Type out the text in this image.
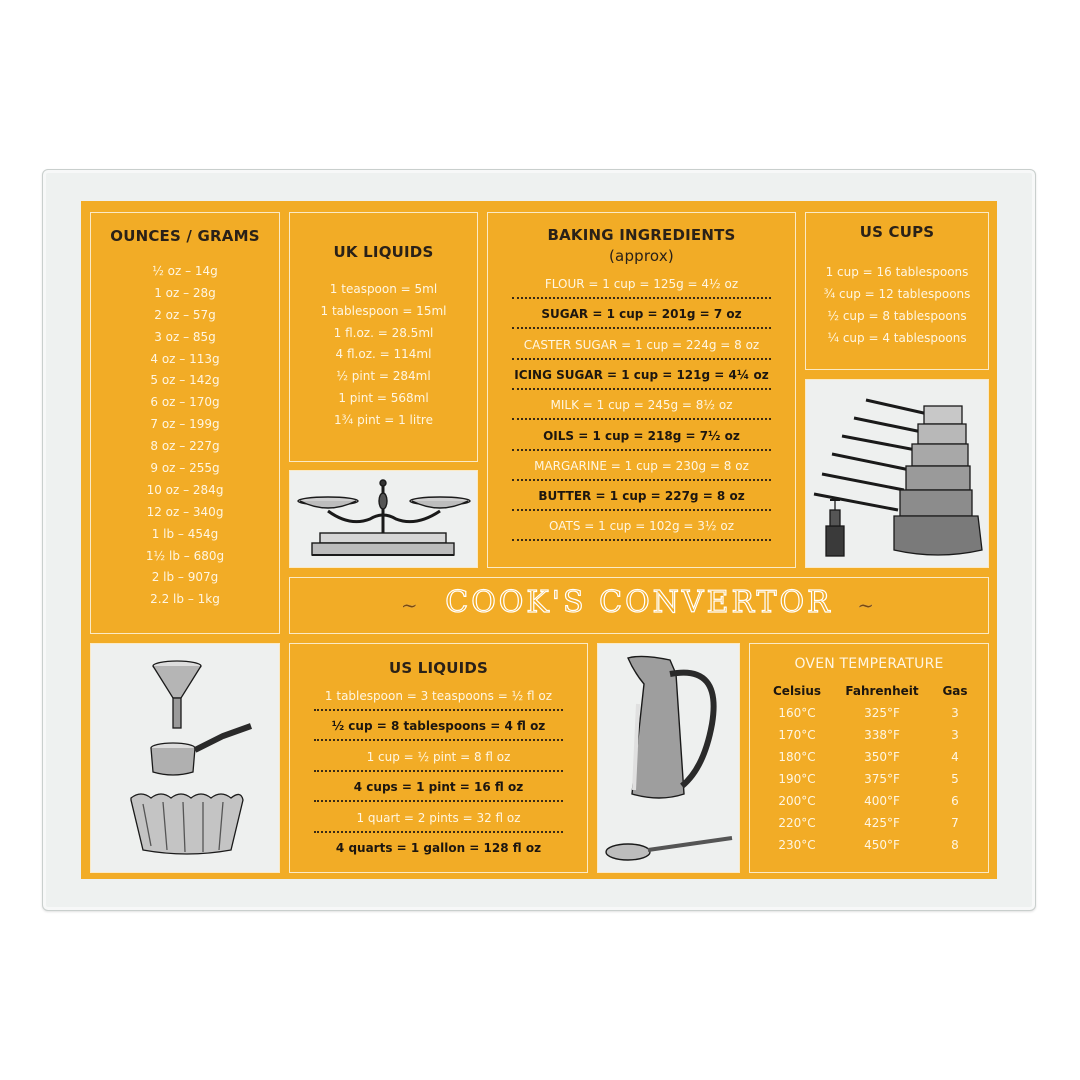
OUNCES / GRAMS
½ oz – 14g
1 oz – 28g
2 oz – 57g
3 oz – 85g
4 oz – 113g
5 oz – 142g
6 oz – 170g
7 oz – 199g
8 oz – 227g
9 oz – 255g
10 oz – 284g
12 oz – 340g
1 lb – 454g
1½ lb – 680g
2 lb – 907g
2.2 lb – 1kg
UK LIQUIDS
1 teaspoon = 5ml
1 tablespoon = 15ml
1 fl.oz. = 28.5ml
4 fl.oz. = 114ml
½ pint = 284ml
1 pint = 568ml
1¾ pint = 1 litre
BAKING INGREDIENTS
(approx)
FLOUR = 1 cup = 125g = 4½ oz
SUGAR = 1 cup = 201g = 7 oz
CASTER SUGAR = 1 cup = 224g = 8 oz
ICING SUGAR = 1 cup = 121g = 4¼ oz
MILK = 1 cup = 245g = 8½ oz
OILS = 1 cup = 218g = 7½ oz
MARGARINE = 1 cup = 230g = 8 oz
BUTTER = 1 cup = 227g = 8 oz
OATS = 1 cup = 102g = 3½ oz
US CUPS
1 cup = 16 tablespoons
¾ cup = 12 tablespoons
½ cup = 8 tablespoons
¼ cup = 4 tablespoons
~ COOK'S CONVERTOR ~
US LIQUIDS
1 tablespoon = 3 teaspoons = ½ fl oz
½ cup = 8 tablespoons = 4 fl oz
1 cup = ½ pint = 8 fl oz
4 cups = 1 pint = 16 fl oz
1 quart = 2 pints = 32 fl oz
4 quarts = 1 gallon = 128 fl oz
OVEN TEMPERATURE
Celsius	Fahrenheit	Gas
160°C	325°F	3
170°C	338°F	3
180°C	350°F	4
190°C	375°F	5
200°C	400°F	6
220°C	425°F	7
230°C	450°F	8
